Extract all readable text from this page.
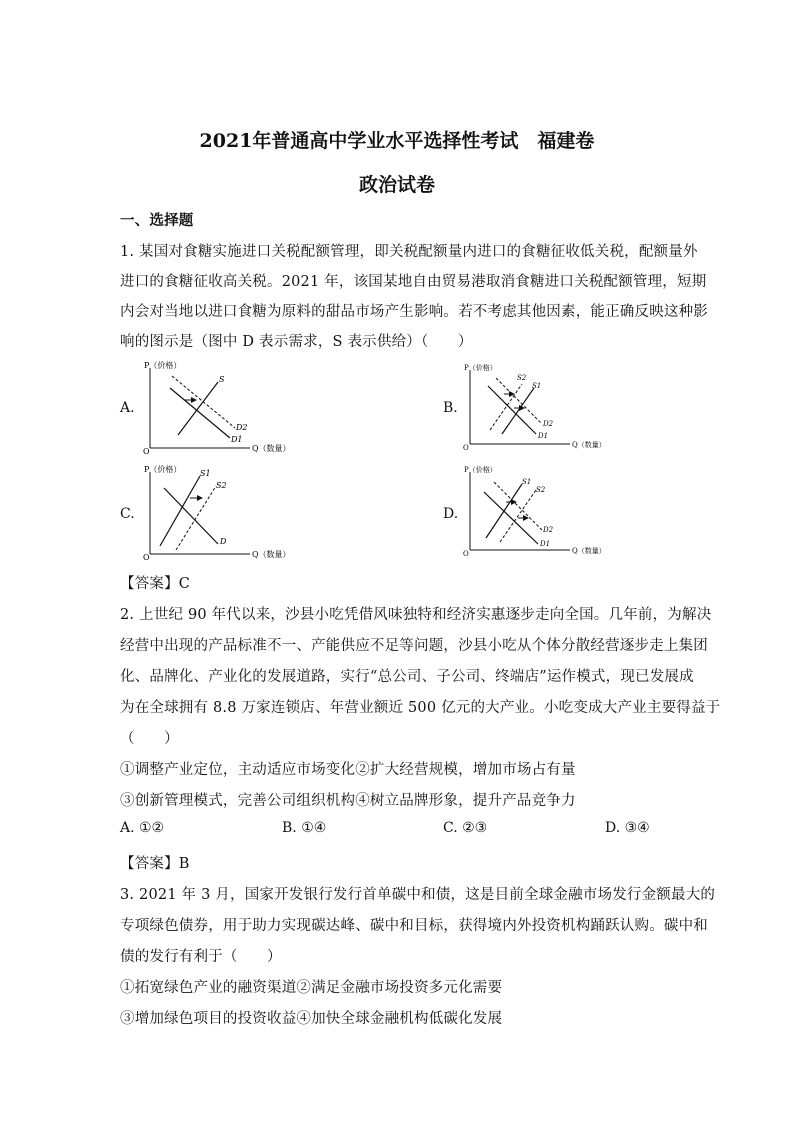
2021年普通高中学业水平选择性考试　福建卷
政治试卷
一、选择题
1. 某国对食糖实施进口关税配额管理，即关税配额量内进口的食糖征收低关税，配额量外
进口的食糖征收高关税。2021 年，该国某地自由贸易港取消食糖进口关税配额管理，短期
内会对当地以进口食糖为原料的甜品市场产生影响。若不考虑其他因素，能正确反映这种影
响的图示是（图中 D 表示需求，S 表示供给）（　　）
A.
P（价格）
Q（数量）
O
S
D1
D2
B.
P（价格）
Q（数量）
O
S2
S1
D1
D2
C.
P（价格）
Q（数量）
O
S1
S2
D
D.
P（价格）
Q（数量）
O
S1
S2
D1
D2
【答案】C
2. 上世纪 90 年代以来，沙县小吃凭借风味独特和经济实惠逐步走向全国。几年前，为解决
经营中出现的产品标准不一、产能供应不足等问题，沙县小吃从个体分散经营逐步走上集团
化、品牌化、产业化的发展道路，实行“总公司、子公司、终端店”运作模式，现已发展成
为在全球拥有 8.8 万家连锁店、年营业额近 500 亿元的大产业。小吃变成大产业主要得益于
（　　）
①调整产业定位，主动适应市场变化②扩大经营规模，增加市场占有量
③创新管理模式，完善公司组织机构④树立品牌形象，提升产品竞争力
A. ①②	B. ①④	C. ②③	D. ③④
【答案】B
3. 2021 年 3 月，国家开发银行发行首单碳中和债，这是目前全球金融市场发行金额最大的
专项绿色债券，用于助力实现碳达峰、碳中和目标，获得境内外投资机构踊跃认购。碳中和
债的发行有利于（　　）
①拓宽绿色产业的融资渠道②满足金融市场投资多元化需要
③增加绿色项目的投资收益④加快全球金融机构低碳化发展
